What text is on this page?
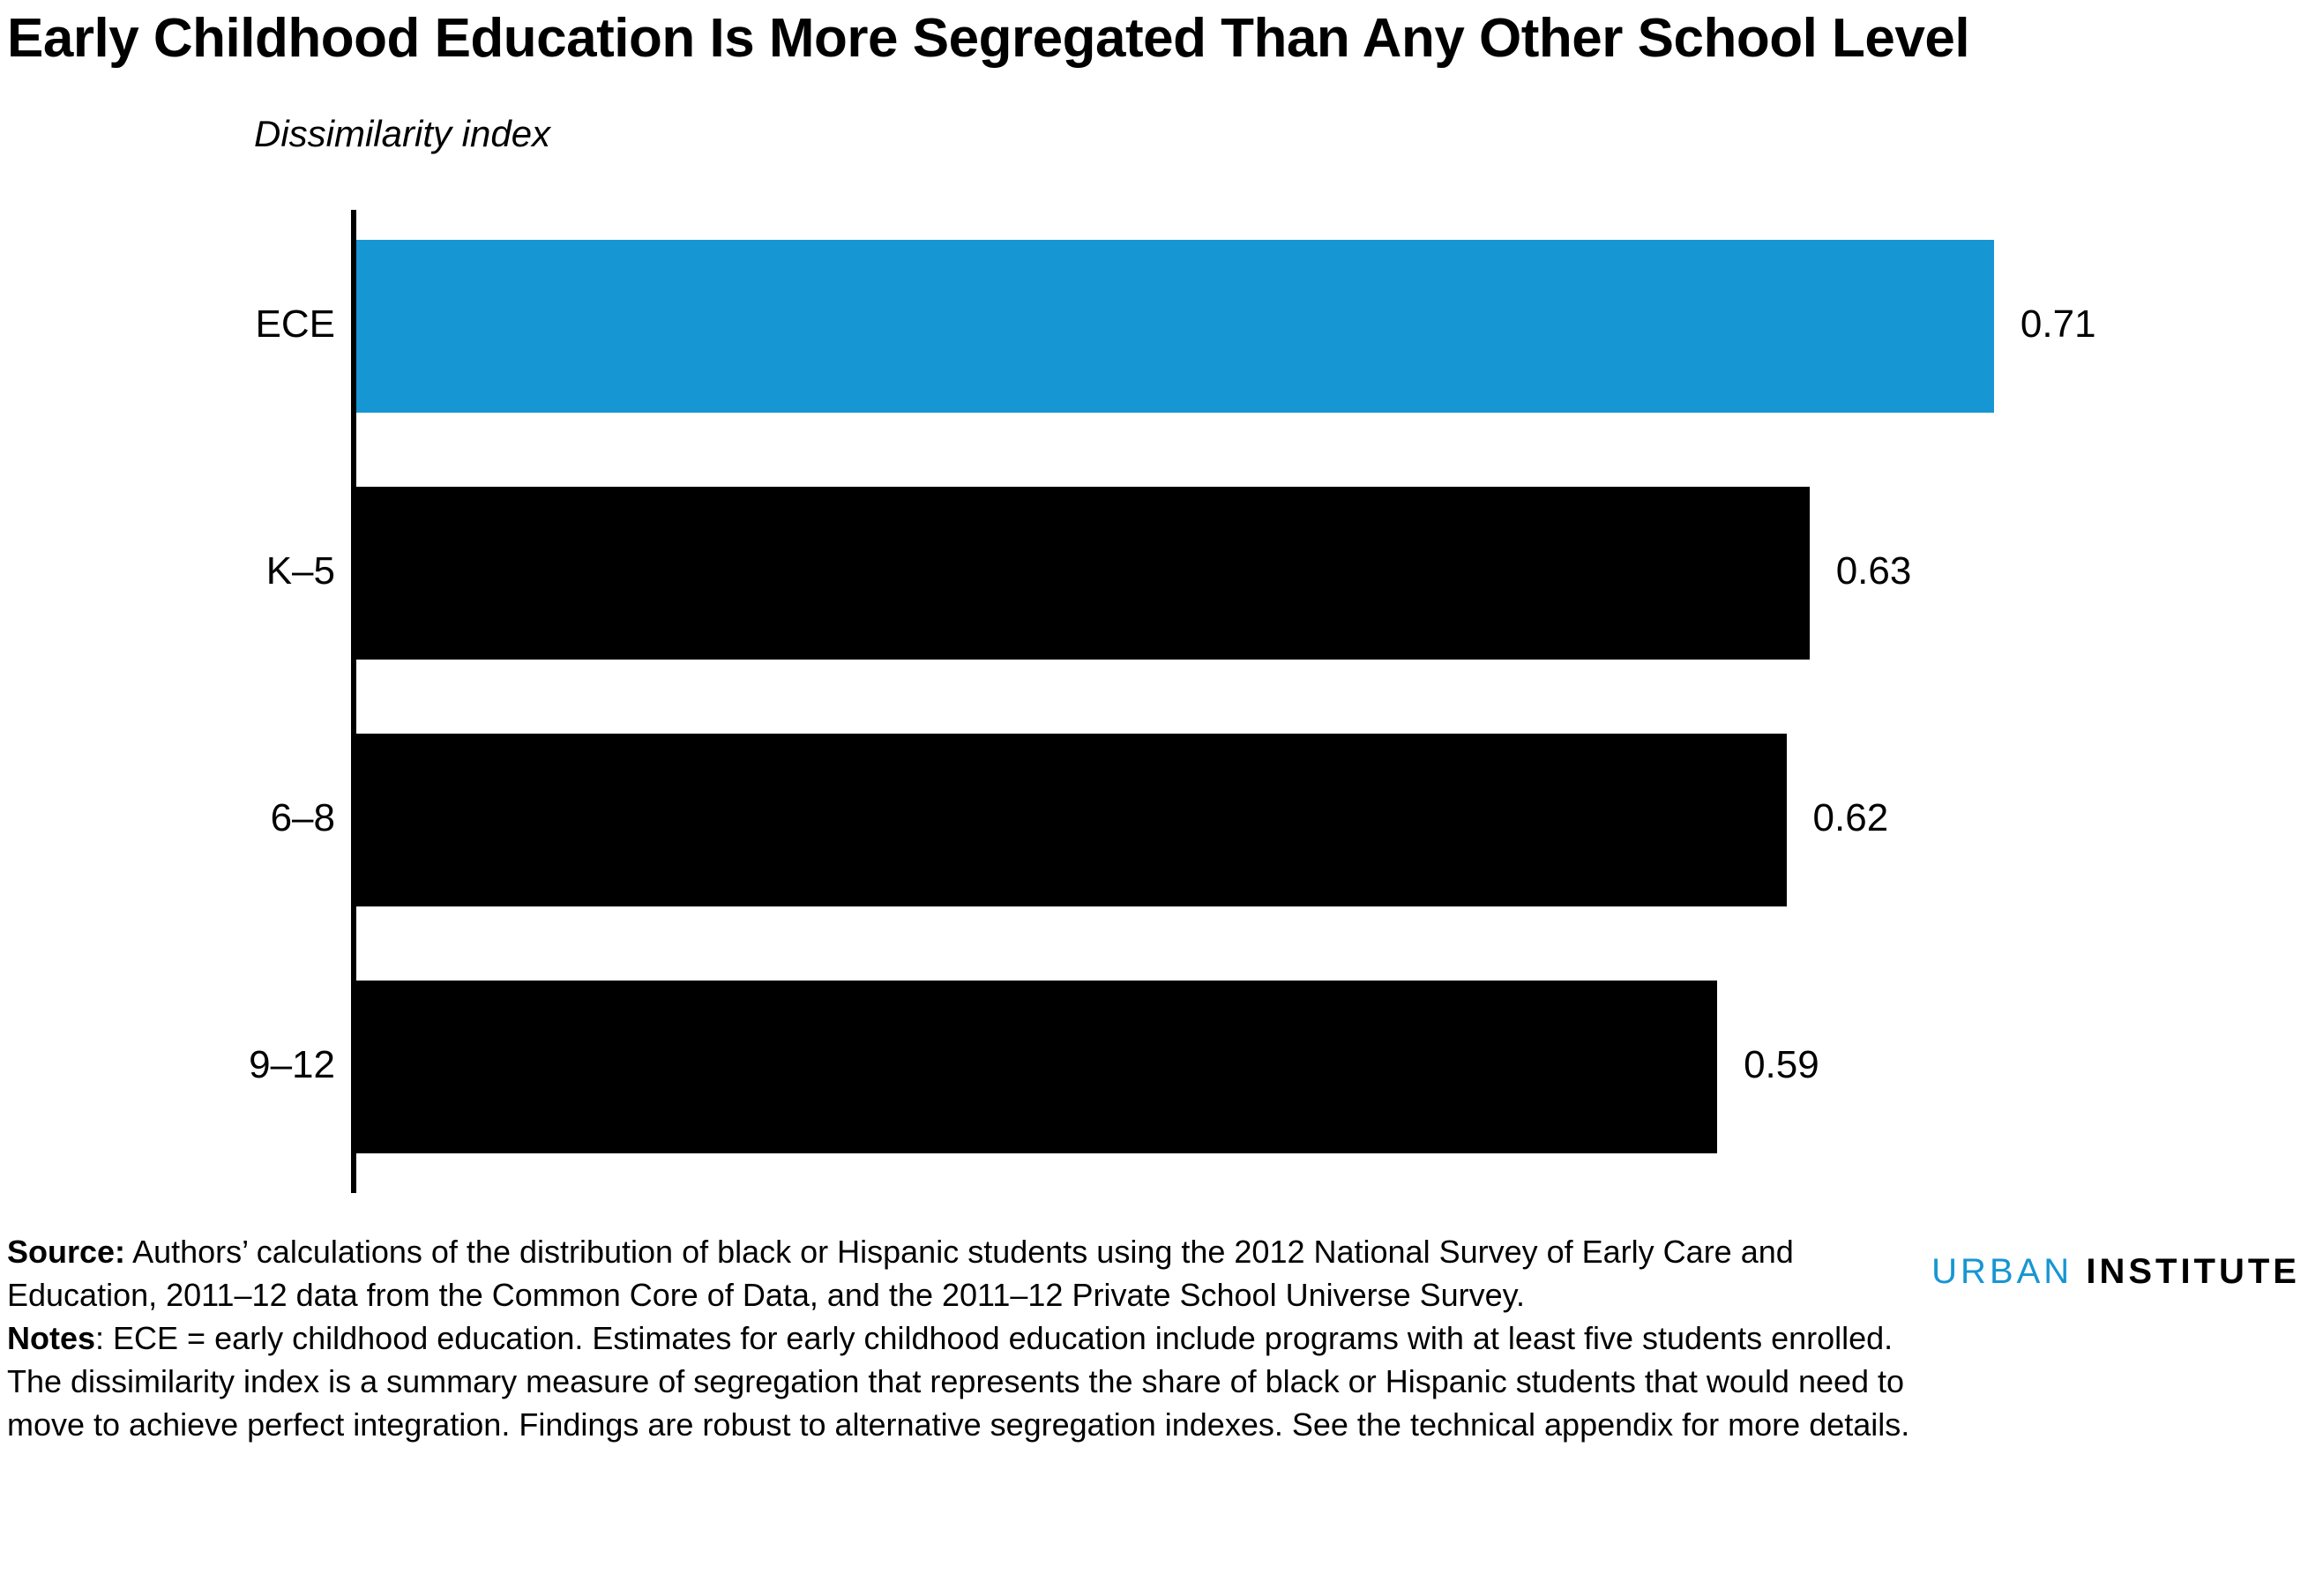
Early Childhood Education Is More Segregated Than Any Other School Level
Dissimilarity index
ECE	0.71
K–5	0.63
6–8	0.62
9–12	0.59

Source: Authors’ calculations of the distribution of black or Hispanic students using the 2012 National Survey of Early Care and Education, 2011–12 data from the Common Core of Data, and the 2011–12 Private School Universe Survey.

Notes: ECE = early childhood education. Estimates for early childhood education include programs with at least five students enrolled. The dissimilarity index is a summary measure of segregation that represents the share of black or Hispanic students that would need to move to achieve perfect integration. Findings are robust to alternative segregation indexes. See the technical appendix for more details.

URBAN INSTITUTE
